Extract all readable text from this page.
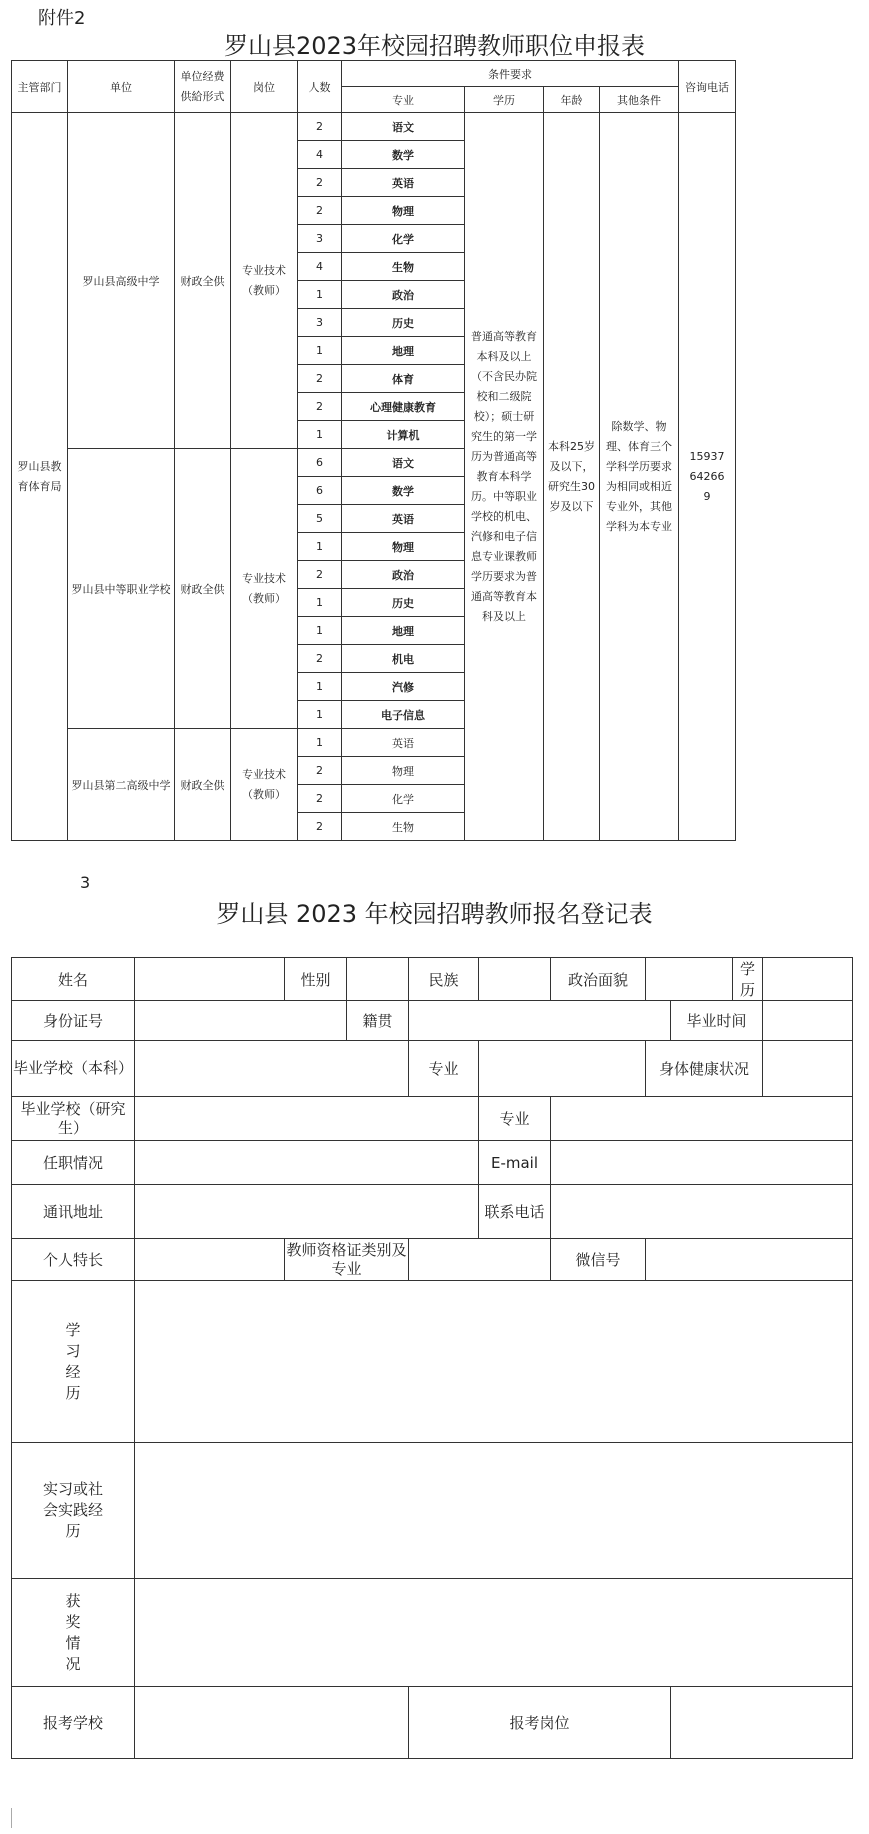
附件2
罗山县2023年校园招聘教师职位申报表
主管部门	单位	单位经费供給形式	岗位	人数	条件要求				咨询电话
					专业	学历	年龄	其他条件	
罗山县教育体育局	罗山县高级中学	财政全供	专业技术（教师）	2	语文	普通高等教育本科及以上（不含民办院校和二级院校）；硕士研究生的第一学历为普通高等教育本科学历。中等职业学校的机电、汽修和电子信息专业课教师学历要求为普通高等教育本科及以上	本科25岁及以下，研究生30岁及以下	除数学、物理、体育三个学科学历要求为相同或相近专业外，其他学科为本专业	15937642669
				4	数学				
				2	英语				
				2	物理				
				3	化学				
				4	生物				
				1	政治				
				3	历史				
				1	地理				
				2	体育				
				2	心理健康教育				
				1	计算机				
	罗山县中等职业学校	财政全供	专业技术（教师）	6	语文				
				6	数学				
				5	英语				
				1	物理				
				2	政治				
				1	历史				
				1	地理				
				2	机电				
				1	汽修				
				1	电子信息				
	罗山县第二高级中学	财政全供	专业技术（教师）	1	英语				
				2	物理				
				2	化学				
				2	生物				
3
罗山县 2023 年校园招聘教师报名登记表
姓名		性别		民族		政治面貌			学历	
身份证号			籍贯					毕业时间		
毕业学校（本科）				专业			身体健康状况			
毕业学校（研究生）					专业					
任职情况					E-mail					
通讯地址					联系电话					
个人特长		教师资格证类别及专业				微信号				
学习经历										
实习或社会实践经历										
获奖情况										
报考学校				报考岗位						
